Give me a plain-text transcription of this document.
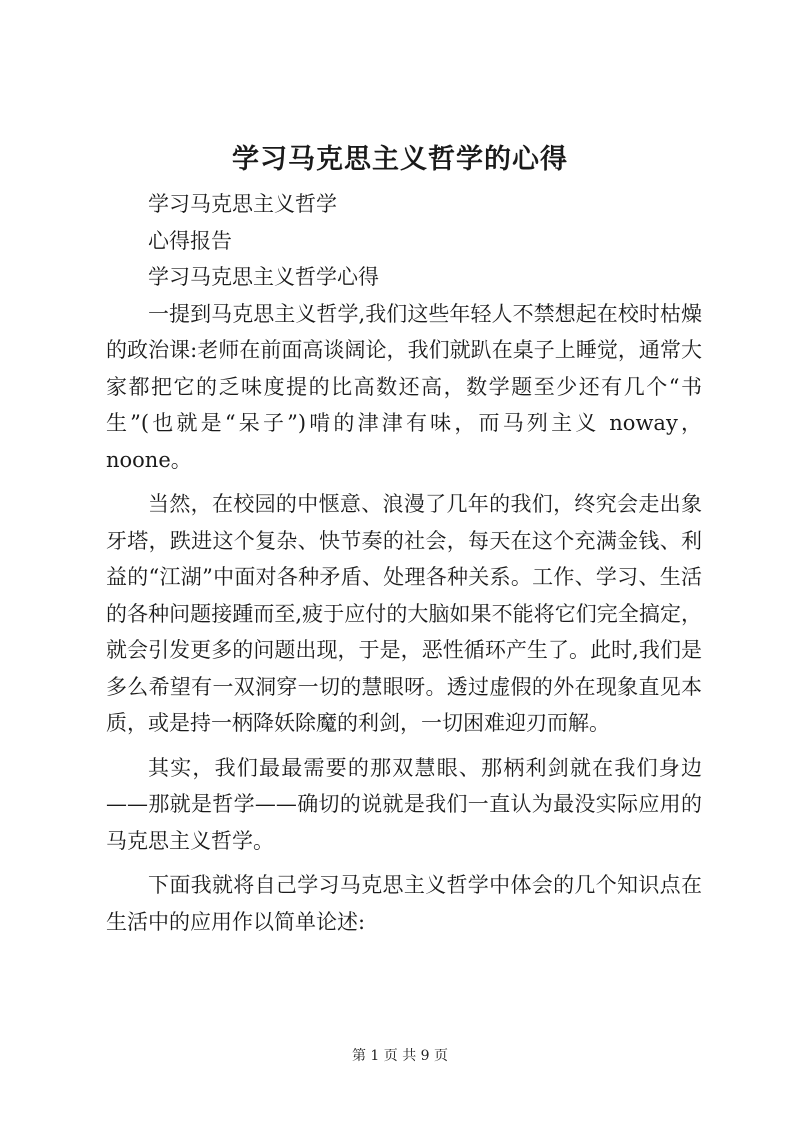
学习马克思主义哲学的心得

学习马克思主义哲学

心得报告

学习马克思主义哲学心得

一提到马克思主义哲学,我们这些年轻人不禁想起在校时枯燥的政治课:老师在前面高谈阔论，我们就趴在桌子上睡觉，通常大家都把它的乏味度提的比高数还高，数学题至少还有几个“书生”(也就是“呆子”)啃的津津有味，而马列主义 noway，noone。

当然，在校园的中惬意、浪漫了几年的我们，终究会走出象牙塔，跌进这个复杂、快节奏的社会，每天在这个充满金钱、利益的“江湖”中面对各种矛盾、处理各种关系。工作、学习、生活的各种问题接踵而至,疲于应付的大脑如果不能将它们完全搞定，就会引发更多的问题出现，于是，恶性循环产生了。此时,我们是多么希望有一双洞穿一切的慧眼呀。透过虚假的外在现象直见本质，或是持一柄降妖除魔的利剑，一切困难迎刃而解。

其实，我们最最需要的那双慧眼、那柄利剑就在我们身边——那就是哲学——确切的说就是我们一直认为最没实际应用的马克思主义哲学。

下面我就将自己学习马克思主义哲学中体会的几个知识点在生活中的应用作以简单论述:

第 1 页 共 9 页
